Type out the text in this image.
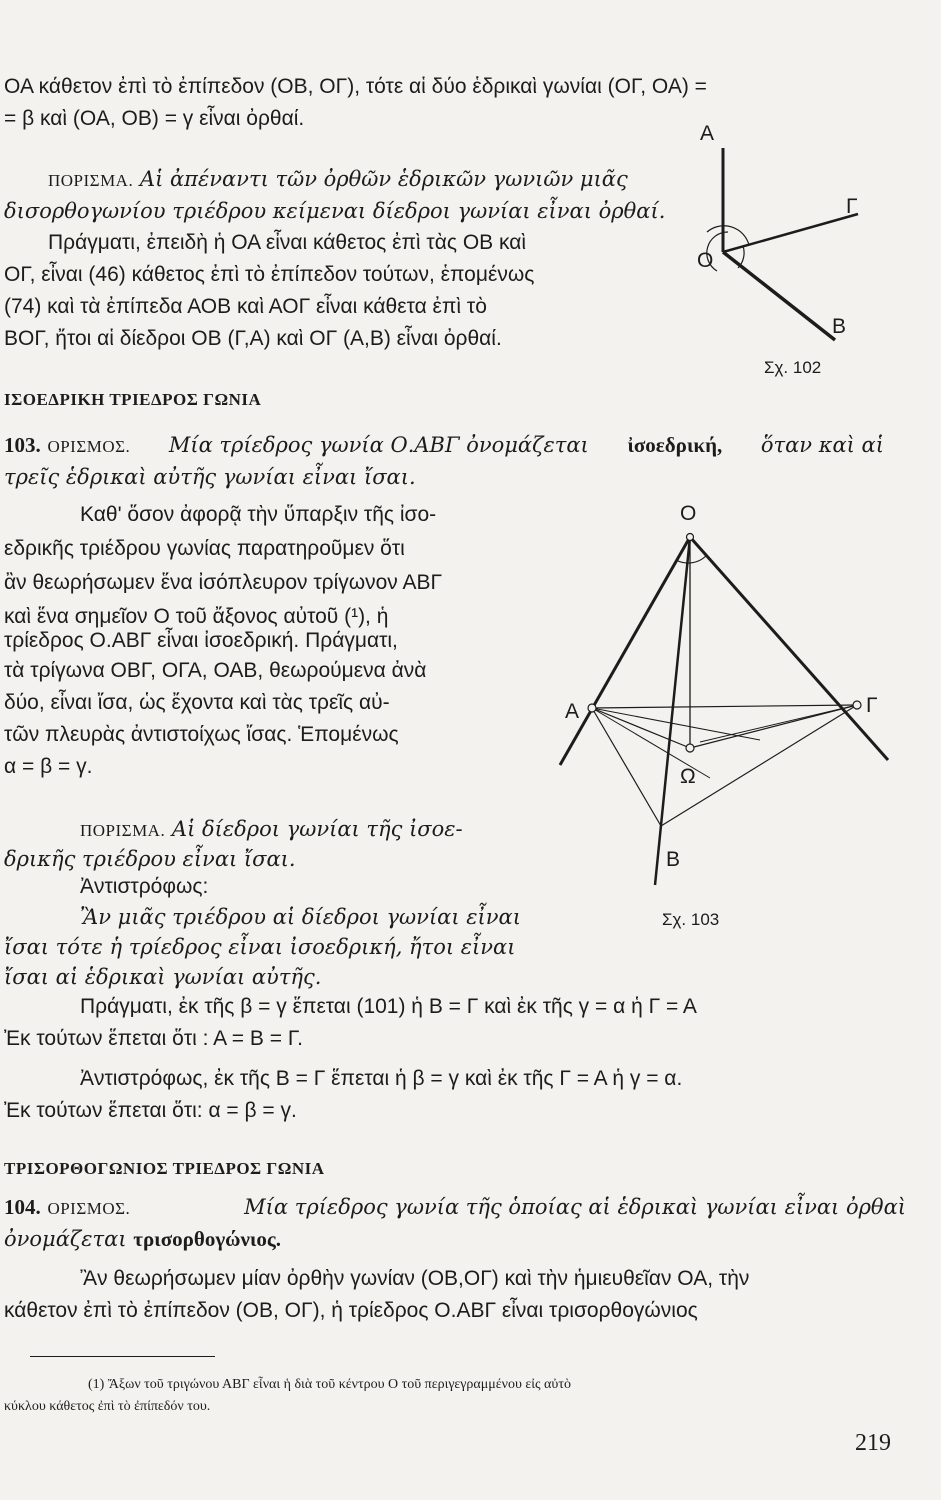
ΟΑ κάθετον ἐπὶ τὸ ἐπίπεδον (ΟΒ, ΟΓ), τότε αἱ δύο ἑδρικαὶ γωνίαι (ΟΓ, ΟΑ) =
= β καὶ (ΟΑ, ΟΒ) = γ εἶναι ὀρθαί.
ΠΟΡΙΣΜΑ. Αἱ ἀπέναντι τῶν ὀρθῶν ἑδρικῶν γωνιῶν μιᾶς
δισορθογωνίου τριέδρου κείμεναι δίεδροι γωνίαι εἶναι ὀρθαί.
Πράγματι, ἐπειδὴ ἡ ΟΑ εἶναι κάθετος ἐπὶ τὰς ΟΒ καὶ
ΟΓ, εἶναι (46) κάθετος ἐπὶ τὸ ἐπίπεδον τούτων, ἑπομένως
(74) καὶ τὰ ἐπίπεδα ΑΟΒ καὶ ΑΟΓ εἶναι κάθετα ἐπὶ τὸ
ΒΟΓ, ἤτοι αἱ δίεδροι ΟΒ (Γ,Α) καὶ ΟΓ (Α,Β) εἶναι ὀρθαί.
Α
Γ
Ο
Β
Σχ. 102
ΙΣΟΕΔΡΙΚΗ ΤΡΙΕΔΡΟΣ ΓΩΝΙΑ
103. ΟΡΙΣΜΟΣ. Μία τρίεδρος γωνία Ο.ΑΒΓ ὀνομάζεται ἰσοεδρική, ὅταν καὶ αἱ
τρεῖς ἑδρικαὶ αὐτῆς γωνίαι εἶναι ἴσαι.
Καθ' ὅσον ἀφορᾷ τὴν ὕπαρξιν τῆς ἰσο-
εδρικῆς τριέδρου γωνίας παρατηροῦμεν ὅτι
ἂν θεωρήσωμεν ἕνα ἰσόπλευρον τρίγωνον ΑΒΓ
καὶ ἕνα σημεῖον Ο τοῦ ἄξονος αὐτοῦ (¹), ἡ
τρίεδρος Ο.ΑΒΓ εἶναι ἰσοεδρική. Πράγματι,
τὰ τρίγωνα ΟΒΓ, ΟΓΑ, ΟΑΒ, θεωρούμενα ἀνὰ
δύο, εἶναι ἴσα, ὡς ἔχοντα καὶ τὰς τρεῖς αὐ-
τῶν πλευρὰς ἀντιστοίχως ἴσας. Ἑπομένως
α = β = γ.
Ο
Α	Γ
Ω
Β
Σχ. 103
ΠΟΡΙΣΜΑ. Αἱ δίεδροι γωνίαι τῆς ἰσοε-
δρικῆς τριέδρου εἶναι ἴσαι.
Ἀντιστρόφως:
Ἂν μιᾶς τριέδρου αἱ δίεδροι γωνίαι εἶναι
ἴσαι τότε ἡ τρίεδρος εἶναι ἰσοεδρική, ἤτοι εἶναι
ἴσαι αἱ ἑδρικαὶ γωνίαι αὐτῆς.
Πράγματι, ἐκ τῆς β = γ ἕπεται (101) ἡ Β = Γ καὶ ἐκ τῆς γ = α ἡ Γ = Α
Ἐκ τούτων ἕπεται ὅτι : Α = Β = Γ.
Ἀντιστρόφως, ἐκ τῆς Β = Γ ἕπεται ἡ β = γ καὶ ἐκ τῆς Γ = Α ἡ γ = α.
Ἐκ τούτων ἕπεται ὅτι: α = β = γ.
ΤΡΙΣΟΡΘΟΓΩΝΙΟΣ ΤΡΙΕΔΡΟΣ ΓΩΝΙΑ
104. ΟΡΙΣΜΟΣ.	Μία τρίεδρος γωνία τῆς ὁποίας αἱ ἑδρικαὶ γωνίαι εἶναι ὀρθαὶ
ὀνομάζεται τρισορθογώνιος.
Ἂν θεωρήσωμεν μίαν ὀρθὴν γωνίαν (ΟΒ,ΟΓ) καὶ τὴν ἡμιευθεῖαν ΟΑ, τὴν
κάθετον ἐπὶ τὸ ἐπίπεδον (ΟΒ, ΟΓ), ἡ τρίεδρος Ο.ΑΒΓ εἶναι τρισορθογώνιος
(1) Ἄξων τοῦ τριγώνου ΑΒΓ εἶναι ἡ διὰ τοῦ κέντρου Ο τοῦ περιγεγραμμένου εἰς αὐτὸ
κύκλου κάθετος ἐπὶ τὸ ἐπίπεδόν του.
219
